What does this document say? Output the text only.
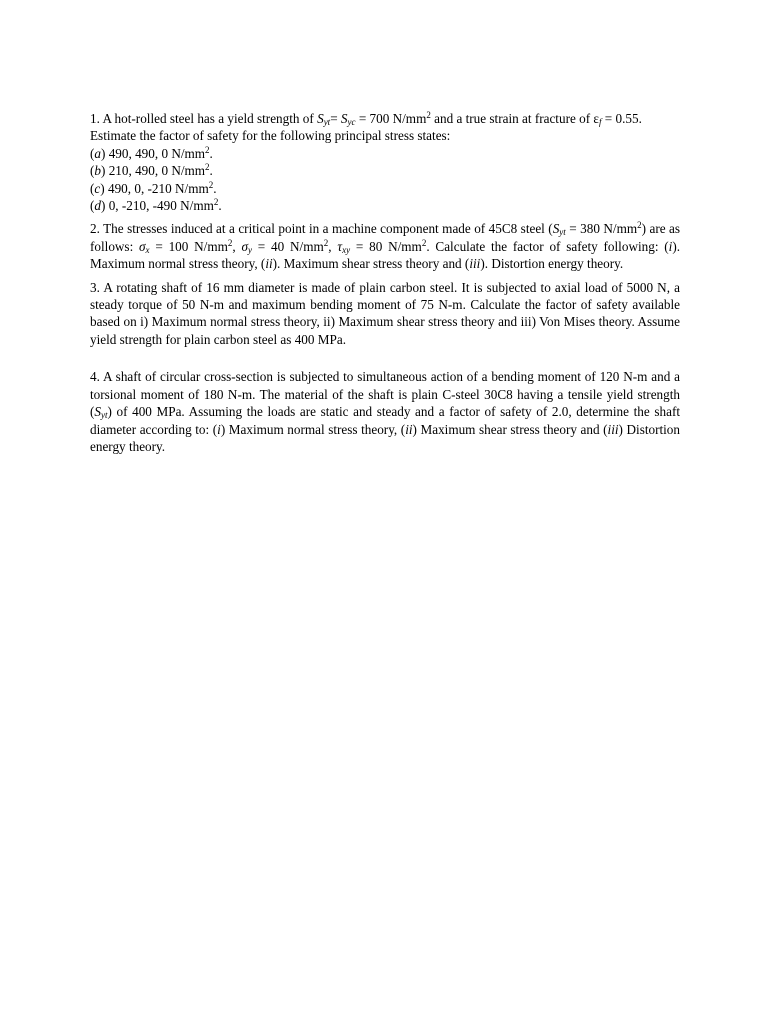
1. A hot-rolled steel has a yield strength of $S_{yt}= S_{yc} = 700$ $N/mm^2$ and a true strain at fracture of $\varepsilon_f = 0.55$.
Estimate the factor of safety for the following principal stress states:
(a) 490, 490, 0 $N/mm^2$.
(b) 210, 490, 0 $N/mm^2$.
(c) 490, 0, -210 $N/mm^2$.
(d) 0, -210, -490 $N/mm^2$.

2. The stresses induced at a critical point in a machine component made of 45C8 steel ($S_{yt} = 380$ $N/mm^2$) are as follows: $\sigma_x = 100$ $N/mm^2$, $\sigma_y = 40$ $N/mm^2$, $\tau_{xy} = 80$ $N/mm^2$. Calculate the factor of safety following: (i). Maximum normal stress theory, (ii). Maximum shear stress theory and (iii). Distortion energy theory.

3. A rotating shaft of 16 mm diameter is made of plain carbon steel. It is subjected to axial load of 5000 N, a steady torque of 50 N-m and maximum bending moment of 75 N-m. Calculate the factor of safety available based on i) Maximum normal stress theory, ii) Maximum shear stress theory and iii) Von Mises theory. Assume yield strength for plain carbon steel as 400 MPa.

4. A shaft of circular cross-section is subjected to simultaneous action of a bending moment of 120 N-m and a torsional moment of 180 N-m. The material of the shaft is plain C-steel 30C8 having a tensile yield strength $(S_{yt})$ of 400 MPa. Assuming the loads are static and steady and a factor of safety of 2.0, determine the shaft diameter according to: (i) Maximum normal stress theory, (ii) Maximum shear stress theory and (iii) Distortion energy theory.
